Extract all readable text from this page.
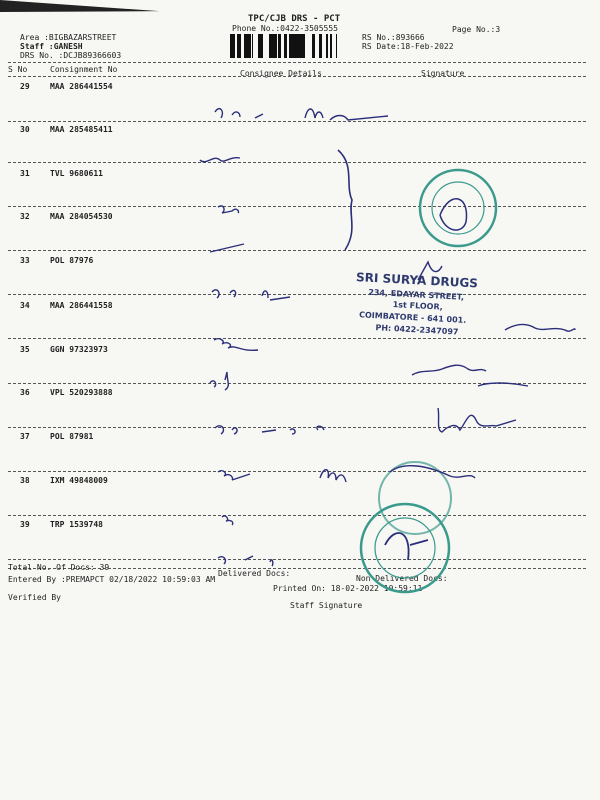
TPC/CJB DRS - PCT
Phone No.:0422-3505555	Page No.:3
Area :BIGBAZARSTREET
Staff :GANESH
DRS No. :DCJB89366603
RS No.:893666
RS Date:18-Feb-2022
S No	Consignment No	Consignee Details	Signature
29	MAA 286441554
30	MAA 285485411
31	TVL 9680611
32	MAA 284054530
33	POL 87976
34	MAA 286441558
35	GGN 97323973
36	VPL 520293888
37	POL 87981
38	IXM 49848009
39	TRP 1539748
Total No. Of Docs: 39
Delivered Docs:
Non Delivered Docs:
Entered By :PREMAPCT 02/18/2022 10:59:03 AM
Printed On: 18-02-2022 10:59:11
Verified By
Staff Signature
SRI SURYA DRUGS
234, EDAYAR STREET,
1st FLOOR,
COIMBATORE - 641 001.
PH: 0422-2347097
